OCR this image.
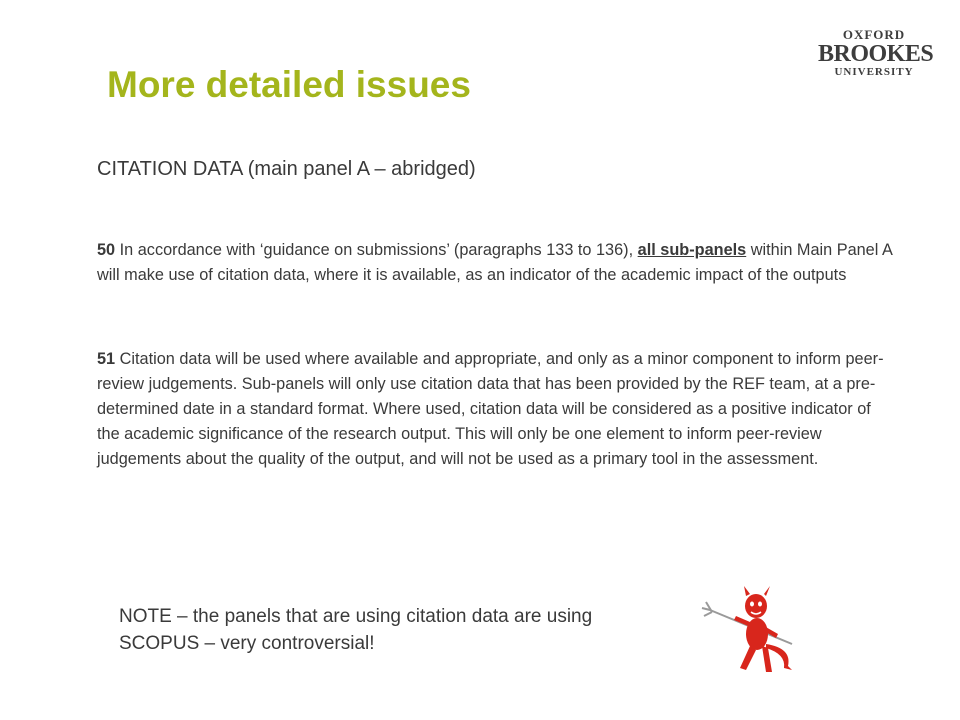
OXFORD
BROOKES
UNIVERSITY
More detailed issues
CITATION DATA (main panel A – abridged)
50 In accordance with ‘guidance on submissions’ (paragraphs 133 to 136), all sub-panels within Main Panel A will make use of citation data, where it is available, as an indicator of the academic impact of the outputs
51 Citation data will be used where available and appropriate, and only as a minor component to inform peer-review judgements. Sub-panels will only use citation data that has been provided by the REF team, at a pre-determined date in a standard format. Where used, citation data will be considered as a positive indicator of the academic significance of the research output. This will only be one element to inform peer-review judgements about the quality of the output, and will not be used as a primary tool in the assessment.
NOTE – the panels that are using citation data are using SCOPUS – very controversial!
